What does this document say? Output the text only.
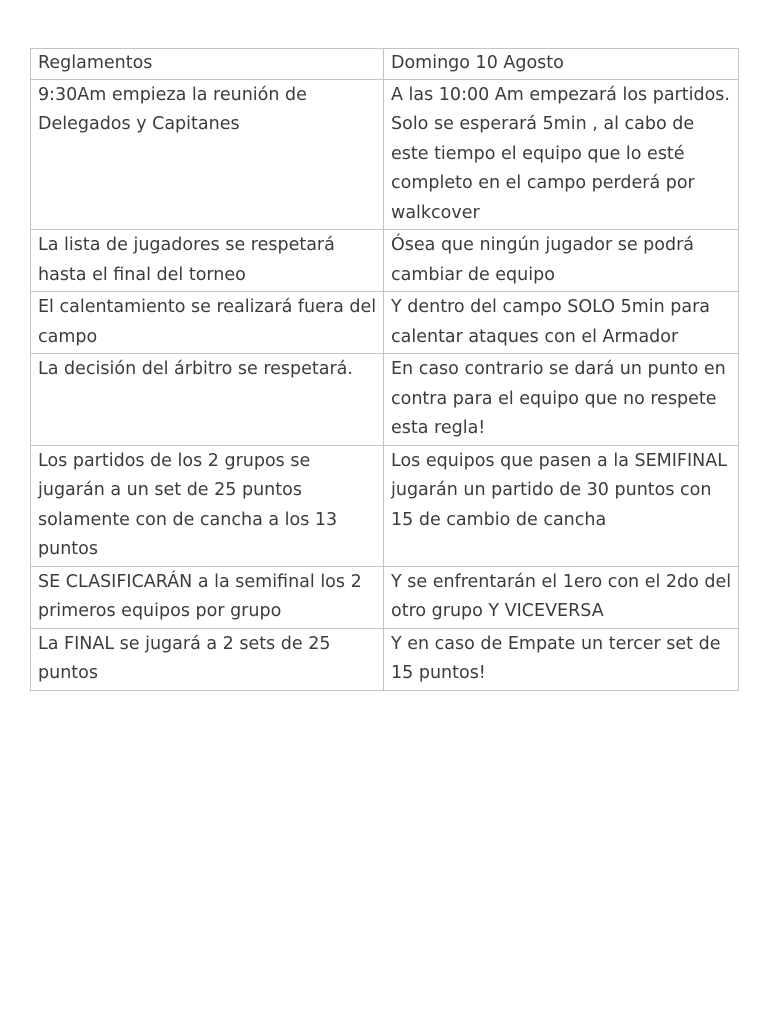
Reglamentos	Domingo 10 Agosto
9:30Am empieza la reunión de Delegados y Capitanes	A las 10:00 Am empezará los partidos. Solo se esperará 5min , al cabo de este tiempo el equipo que lo esté completo en el campo perderá por walkcover
La lista de jugadores se respetará hasta el final del torneo	Ósea que ningún jugador se podrá cambiar de equipo
El calentamiento se realizará fuera del campo	Y dentro del campo SOLO 5min para calentar ataques con el Armador
La decisión del árbitro se respetará.	En caso contrario se dará un punto en contra para el equipo que no respete esta regla!
Los partidos de los 2 grupos se jugarán a un set de 25 puntos solamente con de cancha a los 13 puntos	Los equipos que pasen a la SEMIFINAL jugarán un partido de 30 puntos con 15 de cambio de cancha
SE CLASIFICARÁN a la semifinal los 2 primeros equipos por grupo	Y se enfrentarán el 1ero con el 2do del otro grupo Y VICEVERSA
La FINAL se jugará a 2 sets de 25 puntos	Y en caso de Empate un tercer set de 15 puntos!
